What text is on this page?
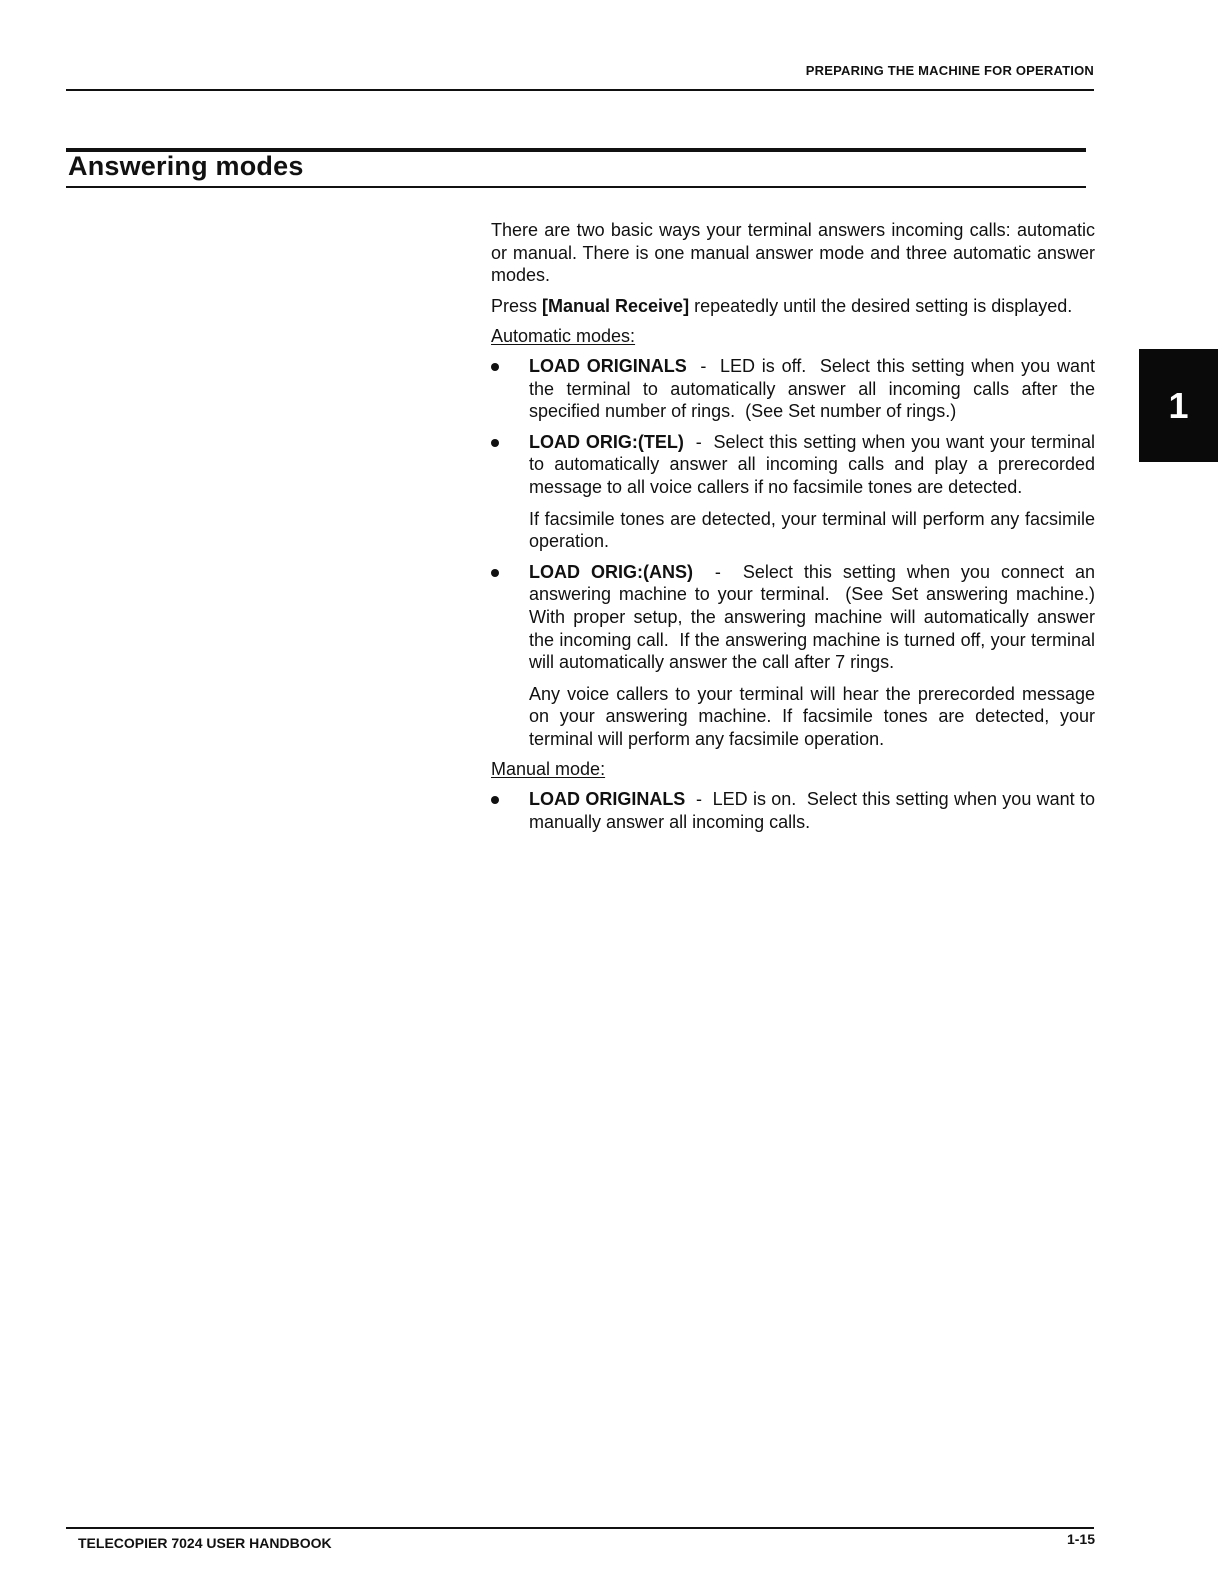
PREPARING THE MACHINE FOR OPERATION
Answering modes
1

There are two basic ways your terminal answers incoming calls: automatic or manual. There is one manual answer mode and three automatic answer modes.

Press [Manual Receive] repeatedly until the desired setting is displayed.

Automatic modes:

LOAD ORIGINALS  -  LED is off.  Select this setting when you want the terminal to automatically answer all incoming calls after the specified number of rings.  (See Set number of rings.)

LOAD ORIG:(TEL)  -  Select this setting when you want your terminal to automatically answer all incoming calls and play a prerecorded message to all voice callers if no facsimile tones are detected.

If facsimile tones are detected, your terminal will perform any facsimile operation.

LOAD ORIG:(ANS)  -  Select this setting when you connect an answering machine to your terminal.  (See Set answering machine.)  With proper setup, the answering machine will automatically answer the incoming call.  If the answering machine is turned off, your terminal will automatically answer the call after 7 rings.

Any voice callers to your terminal will hear the prerecorded message on your answering machine. If facsimile tones are detected, your terminal will perform any facsimile operation.

Manual mode:

LOAD ORIGINALS  -  LED is on.  Select this setting when you want to manually answer all incoming calls.

TELECOPIER 7024 USER HANDBOOK	1-15
